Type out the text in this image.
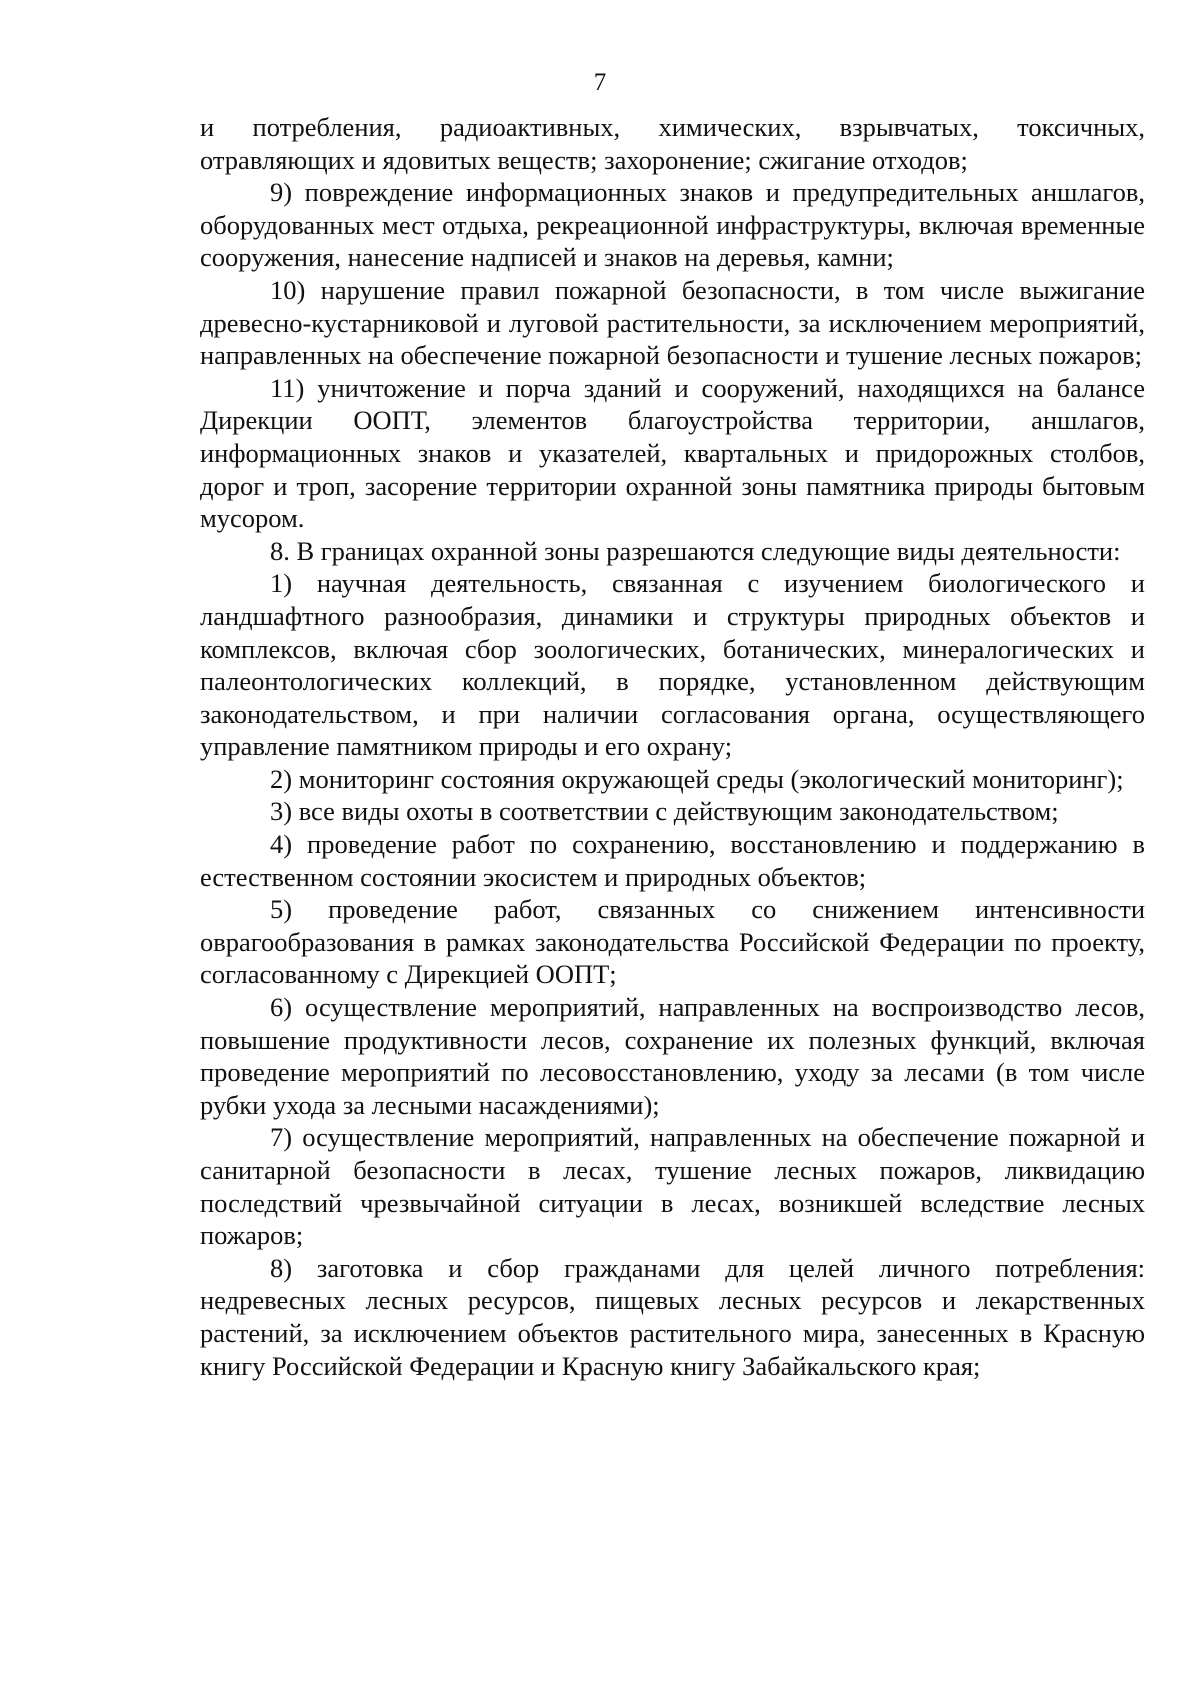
7

и потребления, радиоактивных, химических, взрывчатых, токсичных, отравляющих и ядовитых веществ; захоронение; сжигание отходов;

9) повреждение информационных знаков и предупредительных аншлагов, оборудованных мест отдыха, рекреационной инфраструктуры, включая временные сооружения, нанесение надписей и знаков на деревья, камни;

10) нарушение правил пожарной безопасности, в том числе выжигание древесно-кустарниковой и луговой растительности, за исключением мероприятий, направленных на обеспечение пожарной безопасности и тушение лесных пожаров;

11) уничтожение и порча зданий и сооружений, находящихся на балансе Дирекции ООПТ, элементов благоустройства территории, аншлагов, информационных знаков и указателей, квартальных и придорожных столбов, дорог и троп, засорение территории охранной зоны памятника природы бытовым мусором.

8. В границах охранной зоны разрешаются следующие виды деятельности:

1) научная деятельность, связанная с изучением биологического и ландшафтного разнообразия, динамики и структуры природных объектов и комплексов, включая сбор зоологических, ботанических, минералогических и палеонтологических коллекций, в порядке, установленном действующим законодательством, и при наличии согласования органа, осуществляющего управление памятником природы и его охрану;

2) мониторинг состояния окружающей среды (экологический мониторинг);

3) все виды охоты в соответствии с действующим законодательством;

4) проведение работ по сохранению, восстановлению и поддержанию в естественном состоянии экосистем и природных объектов;

5) проведение работ, связанных со снижением интенсивности оврагообразования в рамках законодательства Российской Федерации по проекту, согласованному с Дирекцией ООПТ;

6) осуществление мероприятий, направленных на воспроизводство лесов, повышение продуктивности лесов, сохранение их полезных функций, включая проведение мероприятий по лесовосстановлению, уходу за лесами (в том числе рубки ухода за лесными насаждениями);

7) осуществление мероприятий, направленных на обеспечение пожарной и санитарной безопасности в лесах, тушение лесных пожаров, ликвидацию последствий чрезвычайной ситуации в лесах, возникшей вследствие лесных пожаров;

8) заготовка и сбор гражданами для целей личного потребления: недревесных лесных ресурсов, пищевых лесных ресурсов и лекарственных растений, за исключением объектов растительного мира, занесенных в Красную книгу Российской Федерации и Красную книгу Забайкальского края;
